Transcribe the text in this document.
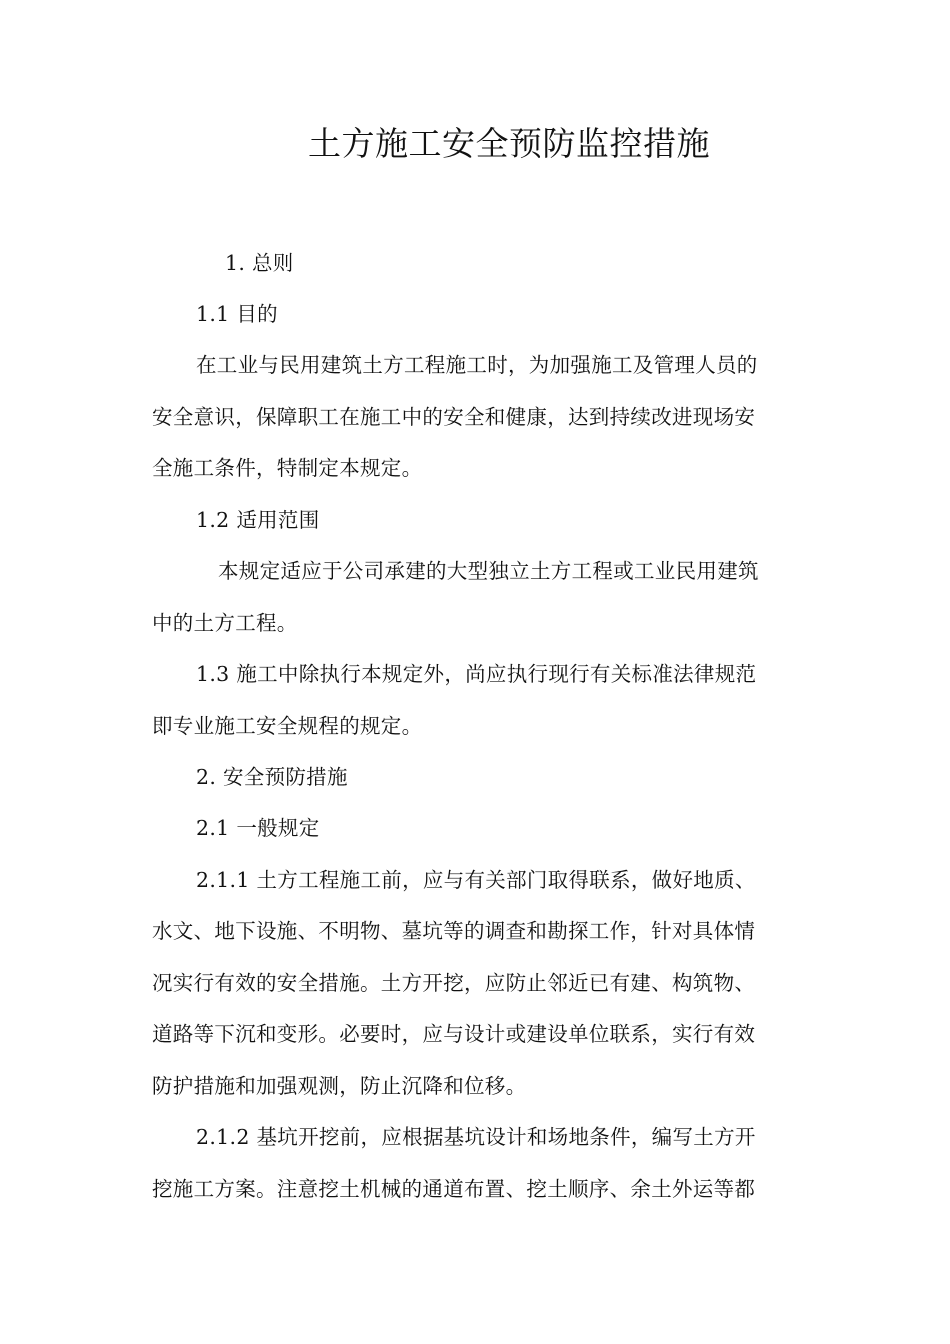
土方施工安全预防监控措施
1. 总则
1.1 目的
在工业与民用建筑土方工程施工时，为加强施工及管理人员的
安全意识，保障职工在施工中的安全和健康，达到持续改进现场安
全施工条件，特制定本规定。
1.2 适用范围
本规定适应于公司承建的大型独立土方工程或工业民用建筑
中的土方工程。
1.3 施工中除执行本规定外，尚应执行现行有关标准法律规范
即专业施工安全规程的规定。
2. 安全预防措施
2.1 一般规定
2.1.1 土方工程施工前，应与有关部门取得联系，做好地质、
水文、地下设施、不明物、墓坑等的调查和勘探工作，针对具体情
况实行有效的安全措施。土方开挖，应防止邻近已有建、构筑物、
道路等下沉和变形。必要时，应与设计或建设单位联系，实行有效
防护措施和加强观测，防止沉降和位移。
2.1.2 基坑开挖前，应根据基坑设计和场地条件，编写土方开
挖施工方案。注意挖土机械的通道布置、挖土顺序、余土外运等都
